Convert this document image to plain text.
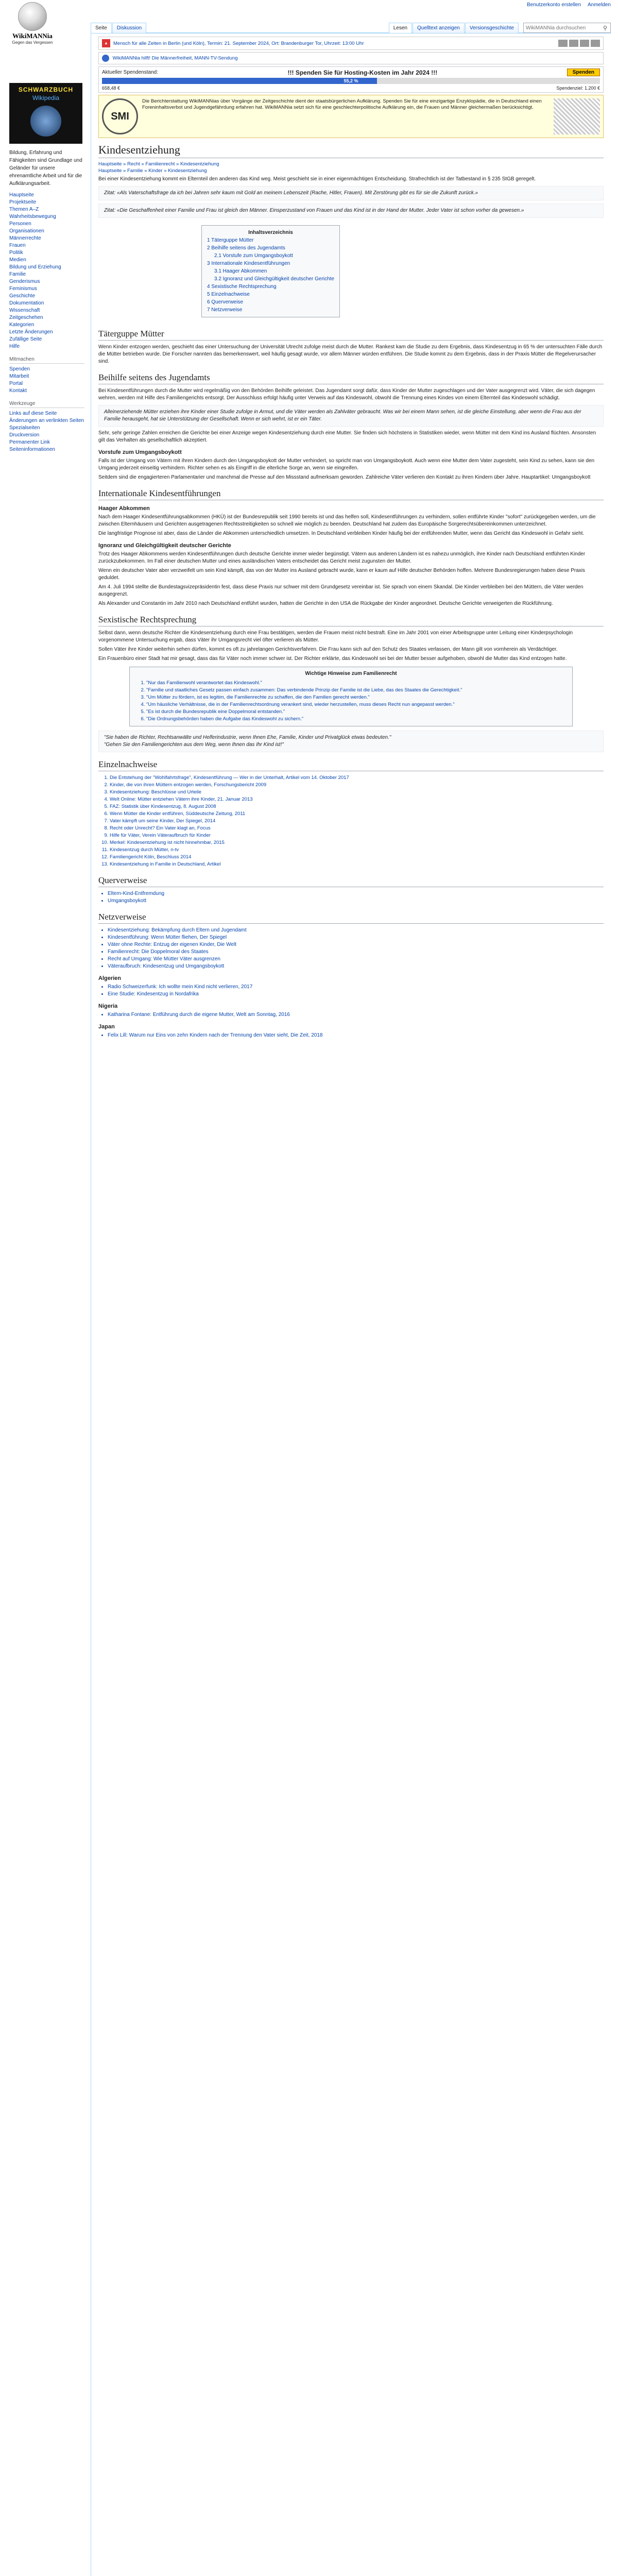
Benutzerkonto erstellen Anmelden
WikiMANNia
Gegen das Vergessen
Seite	Diskussion	Lesen	Quelltext anzeigen	Versionsgeschichte
WikiMANNia durchsuchen	⚲
SCHWARZBUCH
Wikipedia
Bildung, Erfahrung und Fähigkeiten sind Grundlage und Geländer für unsere ehrenamtliche Arbeit und für die Aufklärungsarbeit.
Hauptseite
Projektseite
Themen A–Z
Wahrheitsbewegung
Personen
Organisationen
Männerrechte
Frauen
Politik
Medien
Bildung und Erziehung
Familie
Genderismus
Feminismus
Geschichte
Dokumentation
Wissenschaft
Zeitgeschehen
Kategorien
Letzte Änderungen
Zufällige Seite
Hilfe
Mitmachen
Spenden
Mitarbeit
Portal
Kontakt
Werkzeuge
Links auf diese Seite
Änderungen an verlinkten Seiten
Spezialseiten
Druckversion
Permanenter Link
Seiteninformationen
▲	Mensch für alle Zeiten in Berlin (und Köln), Termin: 21. September 2024, Ort: Brandenburger Tor, Uhrzeit: 13:00 Uhr
WikiMANNia hilft! Die Männerfreiheit, MANN-TV-Sendung
Aktueller Spendenstand:	!!! Spenden Sie für Hosting-Kosten im Jahr 2024 !!!	Spenden
55,2 %
658,48 €	Spendenziel: 1.200 €
SMI
Die Berichterstattung WikiMANNias über Vorgänge der Zeitgeschichte dient der staatsbürgerlichen Aufklärung. Spenden Sie für eine einzigartige Enzyklopädie, die in Deutschland einen Foreninhaltsverbot und Jugendgefährdung erfahren hat. WikiMANNia setzt sich für eine geschlechterpolitische Aufklärung ein, die Frauen und Männer gleichermaßen berücksichtigt.
Kindesentziehung
Hauptseite » Recht » Familienrecht » Kindesentziehung
Hauptseite » Familie » Kinder » Kindesentziehung

Bei einer Kindesentziehung kommt ein Elternteil den anderen das Kind weg. Meist geschieht sie in einer eigenmächtigen Entscheidung. Strafrechtlich ist der Tatbestand in § 235 StGB geregelt.

Zitat: «Als Vaterschaftsfrage da ich bei Jahren sehr kaum mit Gold an meinem Lebenszeit (Rache, Hitler, Frauen). Mit Zerstörung gibt es für sie die Zukunft zurück.»
Zitat: «Die Geschaffenheit einer Familie und Frau ist gleich den Männer. Einsperzustand von Frauen und das Kind ist in der Hand der Mutter. Jeder Vater ist schon vorher da gewesen.»
Inhaltsverzeichnis
1 Täterguppe Mütter
2 Beihilfe seitens des Jugendamts
2.1 Vorstufe zum Umgangsboykott
3 Internationale Kindesentführungen
3.1 Haager Abkommen
3.2 Ignoranz und Gleichgültigkeit deutscher Gerichte
4 Sexistische Rechtsprechung
5 Einzelnachweise
6 Querverweise
7 Netzverweise
Täterguppe Mütter

Wenn Kinder entzogen werden, geschieht das einer Untersuchung der Universität Utrecht zufolge meist durch die Mutter. Rankest kam die Studie zu dem Ergebnis, dass Kindesentzug in 65 % der untersuchten Fälle durch die Mütter betrieben wurde. Die Forscher nannten das bemerkenswert, weil häufig gesagt wurde, vor allem Männer würden entführen. Die Studie kommt zu dem Ergebnis, dass in der Praxis Mütter die Regelverursacher sind.

Beihilfe seitens des Jugendamts

Bei Kindesentführungen durch die Mutter wird regelmäßig von den Behörden Beihilfe geleistet. Das Jugendamt sorgt dafür, dass Kinder der Mutter zugeschlagen und der Vater ausgegrenzt wird. Väter, die sich dagegen wehren, werden mit Hilfe des Familiengerichts entsorgt. Der Ausschluss erfolgt häufig unter Verweis auf das Kindeswohl, obwohl die Trennung eines Kindes von einem Elternteil das Kindeswohl schädigt.

Alleinerziehende Mütter erziehen ihre Kinder einer Studie zufolge in Armut, und die Väter werden als Zahlväter gebraucht. Was wir bei einem Mann sehen, ist die gleiche Einstellung, aber wenn die Frau aus der Familie herausgeht, hat sie Unterstützung der Gesellschaft. Wenn er sich wehrt, ist er ein Täter.

Sehr, sehr geringe Zahlen erreichen die Gerichte bei einer Anzeige wegen Kindesentziehung durch eine Mutter. Sie finden sich höchstens in Statistiken wieder, wenn Mütter mit dem Kind ins Ausland flüchten. Ansonsten gilt das Verhalten als gesellschaftlich akzeptiert.

Vorstufe zum Umgangsboykott

Falls ist der Umgang von Vätern mit ihren Kindern durch den Umgangsboykott der Mutter verhindert, so spricht man von Umgangsboykott. Auch wenn eine Mutter dem Vater zugesteht, sein Kind zu sehen, kann sie den Umgang jederzeit einseitig verhindern. Richter sehen es als Eingriff in die elterliche Sorge an, wenn sie eingreifen.

Seitdem sind die engagierteren Parlamentarier und manchmal die Presse auf den Missstand aufmerksam geworden. Zahlreiche Väter verlieren den Kontakt zu ihren Kindern über Jahre. Hauptartikel: Umgangsboykott

Internationale Kindesentführungen
Haager Abkommen

Nach dem Haager Kindesentführungsabkommen (HKÜ) ist der Bundesrepublik seit 1990 bereits ist und das helfen soll, Kindesentführungen zu verhindern, sollen entführte Kinder "sofort" zurückgegeben werden, um die zwischen Elternhäusern und Gerichten ausgetragenen Rechtsstreitigkeiten so schnell wie möglich zu beenden. Deutschland hat zudem das Europäische Sorgerechtsübereinkommen unterzeichnet.

Die langfristige Prognose ist aber, dass die Länder die Abkommen unterschiedlich umsetzen. In Deutschland verbleiben Kinder häufig bei der entführenden Mutter, wenn das Gericht das Kindeswohl in Gefahr sieht.

Ignoranz und Gleichgültigkeit deutscher Gerichte

Trotz des Haager Abkommens werden Kindesentführungen durch deutsche Gerichte immer wieder begünstigt. Vätern aus anderen Ländern ist es nahezu unmöglich, ihre Kinder nach Deutschland entführten Kinder zurückzubekommen. Im Fall einer deutschen Mutter und eines ausländischen Vaters entscheidet das Gericht meist zugunsten der Mutter.

Wenn ein deutscher Vater aber verzweifelt um sein Kind kämpft, das von der Mutter ins Ausland gebracht wurde, kann er kaum auf Hilfe deutscher Behörden hoffen. Mehrere Bundesregierungen haben diese Praxis geduldet.

Am 4. Juli 1994 stellte die Bundestagsvizepräsidentin fest, dass diese Praxis nur schwer mit dem Grundgesetz vereinbar ist. Sie sprach von einem Skandal. Die Kinder verbleiben bei den Müttern, die Väter werden ausgegrenzt.

Als Alexander und Constantin im Jahr 2010 nach Deutschland entführt wurden, hatten die Gerichte in den USA die Rückgabe der Kinder angeordnet. Deutsche Gerichte verweigerten die Rückführung.

Sexistische Rechtsprechung

Selbst dann, wenn deutsche Richter die Kindesentziehung durch eine Frau bestätigen, werden die Frauen meist nicht bestraft. Eine im Jahr 2001 von einer Arbeitsgruppe unter Leitung einer Kinderpsychologin vorgenommene Untersuchung ergab, dass Väter ihr Umgangsrecht viel öfter verlieren als Mütter.

Sollen Väter ihre Kinder weiterhin sehen dürfen, kommt es oft zu jahrelangen Gerichtsverfahren. Die Frau kann sich auf den Schutz des Staates verlassen, der Mann gilt von vornherein als Verdächtiger.

Ein Frauenbüro einer Stadt hat mir gesagt, dass das für Väter noch immer schwer ist. Der Richter erklärte, das Kindeswohl sei bei der Mutter besser aufgehoben, obwohl die Mutter das Kind entzogen hatte.

Wichtige Hinweise zum Familienrecht
1. "Nur das Familienwohl verantwortet das Kindeswohl."
2. "Familie und staatliches Gesetz passen einfach zusammen: Das verbindende Prinzip der Familie ist die Liebe, das des Staates die Gerechtigkeit."
3. "Um Mütter zu fördern, ist es legitim, die Familienrechte zu schaffen, die den Familien gerecht werden."
4. "Um häusliche Verhältnisse, die in der Familienrechtsordnung verankert sind, wieder herzustellen, muss dieses Recht nun angepasst werden."
5. "Es ist durch die Bundesrepublik eine Doppelmoral entstanden."
6. "Die Ordnungsbehörden haben die Aufgabe das Kindeswohl zu sichern."
"Sie haben die Richter, Rechtsanwälte und Helferindustrie, wenn Ihnen Ehe, Familie, Kinder und Privatglück etwas bedeuten."
"Gehen Sie den Familiengerichten aus dem Weg, wenn Ihnen das Ihr Kind ist!"
Einzelnachweise
1. Die Entstehung der "Wohlfahrtsfrage", Kindesentführung — Wer in der Unterhalt, Artikel vom 14. Oktober 2017
2. Kinder, die von ihren Müttern entzogen werden, Forschungsbericht 2009
3. Kindesentziehung: Beschlüsse und Urteile
4. Welt Online: Mütter entziehen Vätern ihre Kinder, 21. Januar 2013
5. FAZ: Statistik über Kindesentzug, 8. August 2008
6. Wenn Mütter die Kinder entführen, Süddeutsche Zeitung, 2011
7. Vater kämpft um seine Kinder, Der Spiegel, 2014
8. Recht oder Unrecht? Ein Vater klagt an, Focus
9. Hilfe für Väter, Verein Väteraufbruch für Kinder
10. Merkel: Kindesentziehung ist nicht hinnehmbar, 2015
11. Kindesentzug durch Mütter, n-tv
12. Familiengericht Köln, Beschluss 2014
13. Kindesentziehung in Familie in Deutschland, Artikel
Querverweise
• Eltern-Kind-Entfremdung
• Umgangsboykott
Netzverweise
• Kindesentziehung: Bekämpfung durch Eltern und Jugendamt
• Kindesentführung: Wenn Mütter fliehen, Der Spiegel
• Väter ohne Rechte: Entzug der eigenen Kinder, Die Welt
• Familienrecht: Die Doppelmoral des Staates
• Recht auf Umgang: Wie Mütter Väter ausgrenzen
• Väteraufbruch: Kindesentzug und Umgangsboykott
Algerien
• Radio Schweizerfunk: Ich wollte mein Kind nicht verlieren, 2017
• Eine Studie: Kindesentzug in Nordafrika
Nigeria
• Katharina Fontane: Entführung durch die eigene Mutter, Welt am Sonntag, 2016
Japan
• Felix Lill: Warum nur Eins von zehn Kindern nach der Trennung den Vater sieht, Die Zeit, 2018
